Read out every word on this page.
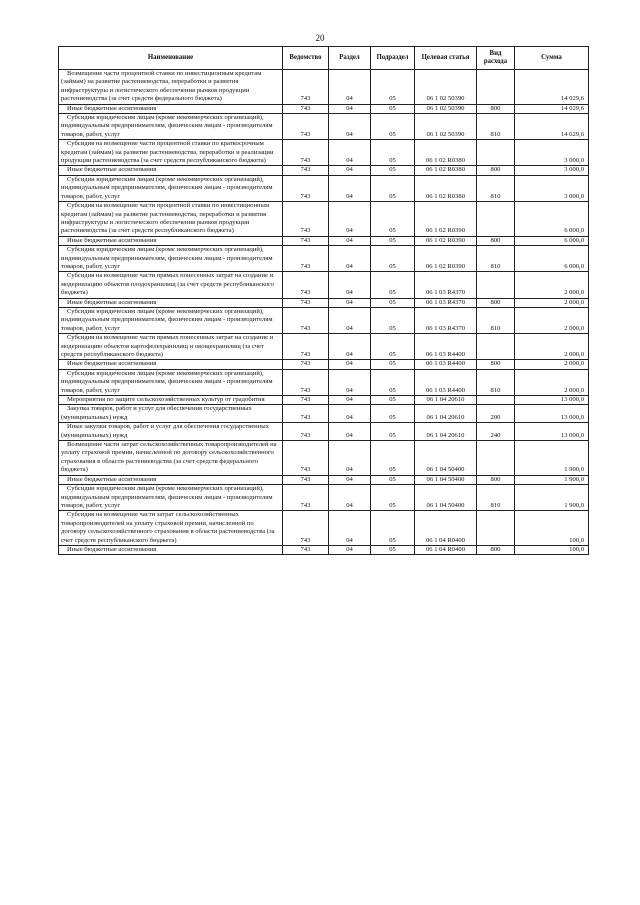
20
Наименование	Ведомство	Раздел	Подраздел	Целевая статья	Вид расхода	Сумма
Возмещение части процентной ставки по инвестиционным кредитам (займам) на развитие растениеводства, переработки и развития инфраструктуры и логистического обеспечения рынков продукции растениеводства (за счет средств федерального бюджета)	743	04	05	06 1 02 50390		14 029,6
Иные бюджетные ассигнования	743	04	05	06 1 02 50390	800	14 029,6
Субсидии юридическим лицам (кроме некоммерческих организаций), индивидуальным предпринимателям, физическим лицам - производителям товаров, работ, услуг	743	04	05	06 1 02 50390	810	14 029,6
Субсидия на возмещение части процентной ставки по краткосрочным кредитам (займам) на развитие растениеводства, переработки и реализации продукции растениеводства (за счет средств республиканского бюджета)	743	04	05	06 1 02 R0380		3 000,0
Иные бюджетные ассигнования	743	04	05	06 1 02 R0380	800	3 000,0
Субсидии юридическим лицам (кроме некоммерческих организаций), индивидуальным предпринимателям, физическим лицам - производителям товаров, работ, услуг	743	04	05	06 1 02 R0380	810	3 000,0
Субсидия на возмещение части процентной ставки по инвестиционным кредитам (займам) на развитие растениеводства, переработки и развития инфраструктуры и логистического обеспечения рынков продукции растениеводства (за счет средств республиканского бюджета)	743	04	05	06 1 02 R0390		6 000,0
Иные бюджетные ассигнования	743	04	05	06 1 02 R0390	800	6 000,0
Субсидии юридическим лицам (кроме некоммерческих организаций), индивидуальным предпринимателям, физическим лицам - производителям товаров, работ, услуг	743	04	05	06 1 02 R0390	810	6 000,0
Субсидия на возмещение части прямых понесенных затрат на создание и модернизацию объектов плодохранилищ (за счет средств республиканского бюджета)	743	04	05	06 1 03 R4370		2 000,0
Иные бюджетные ассигнования	743	04	05	06 1 03 R4370	800	2 000,0
Субсидии юридическим лицам (кроме некоммерческих организаций), индивидуальным предпринимателям, физическим лицам - производителям товаров, работ, услуг	743	04	05	06 1 03 R4370	810	2 000,0
Субсидия на возмещение части прямых понесенных затрат на создание и модернизацию объектов картофелехранилищ и овощехранилищ (за счет средств республиканского бюджета)	743	04	05	06 1 03 R4400		2 000,0
Иные бюджетные ассигнования	743	04	05	06 1 03 R4400	800	2 000,0
Субсидии юридическим лицам (кроме некоммерческих организаций), индивидуальным предпринимателям, физическим лицам - производителям товаров, работ, услуг	743	04	05	06 1 03 R4400	810	2 000,0
Мероприятия по защите сельскохозяйственных культур от градобития	743	04	05	06 1 04 20610		13 000,0
Закупка товаров, работ и услуг для обеспечения государственных (муниципальных) нужд	743	04	05	06 1 04 20610	200	13 000,0
Иные закупки товаров, работ и услуг для обеспечения государственных (муниципальных) нужд	743	04	05	06 1 04 20610	240	13 000,0
Возмещение части затрат сельскохозяйственных товаропроизводителей на уплату страховой премии, начисленной по договору сельскохозяйственного страхования в области растениеводства (за счет средств федерального бюджета)	743	04	05	06 1 04 50400		1 900,0
Иные бюджетные ассигнования	743	04	05	06 1 04 50400	800	1 900,0
Субсидии юридическим лицам (кроме некоммерческих организаций), индивидуальным предпринимателям, физическим лицам - производителям товаров, работ, услуг	743	04	05	06 1 04 50400	810	1 900,0
Субсидия на возмещение части затрат сельскохозяйственных товаропроизводителей на уплату страховой премии, начисленной по договору сельскохозяйственного страхования в области растениеводства (за счет средств республиканского бюджета)	743	04	05	06 1 04 R0400		100,0
Иные бюджетные ассигнования	743	04	05	06 1 04 R0400	800	100,0
